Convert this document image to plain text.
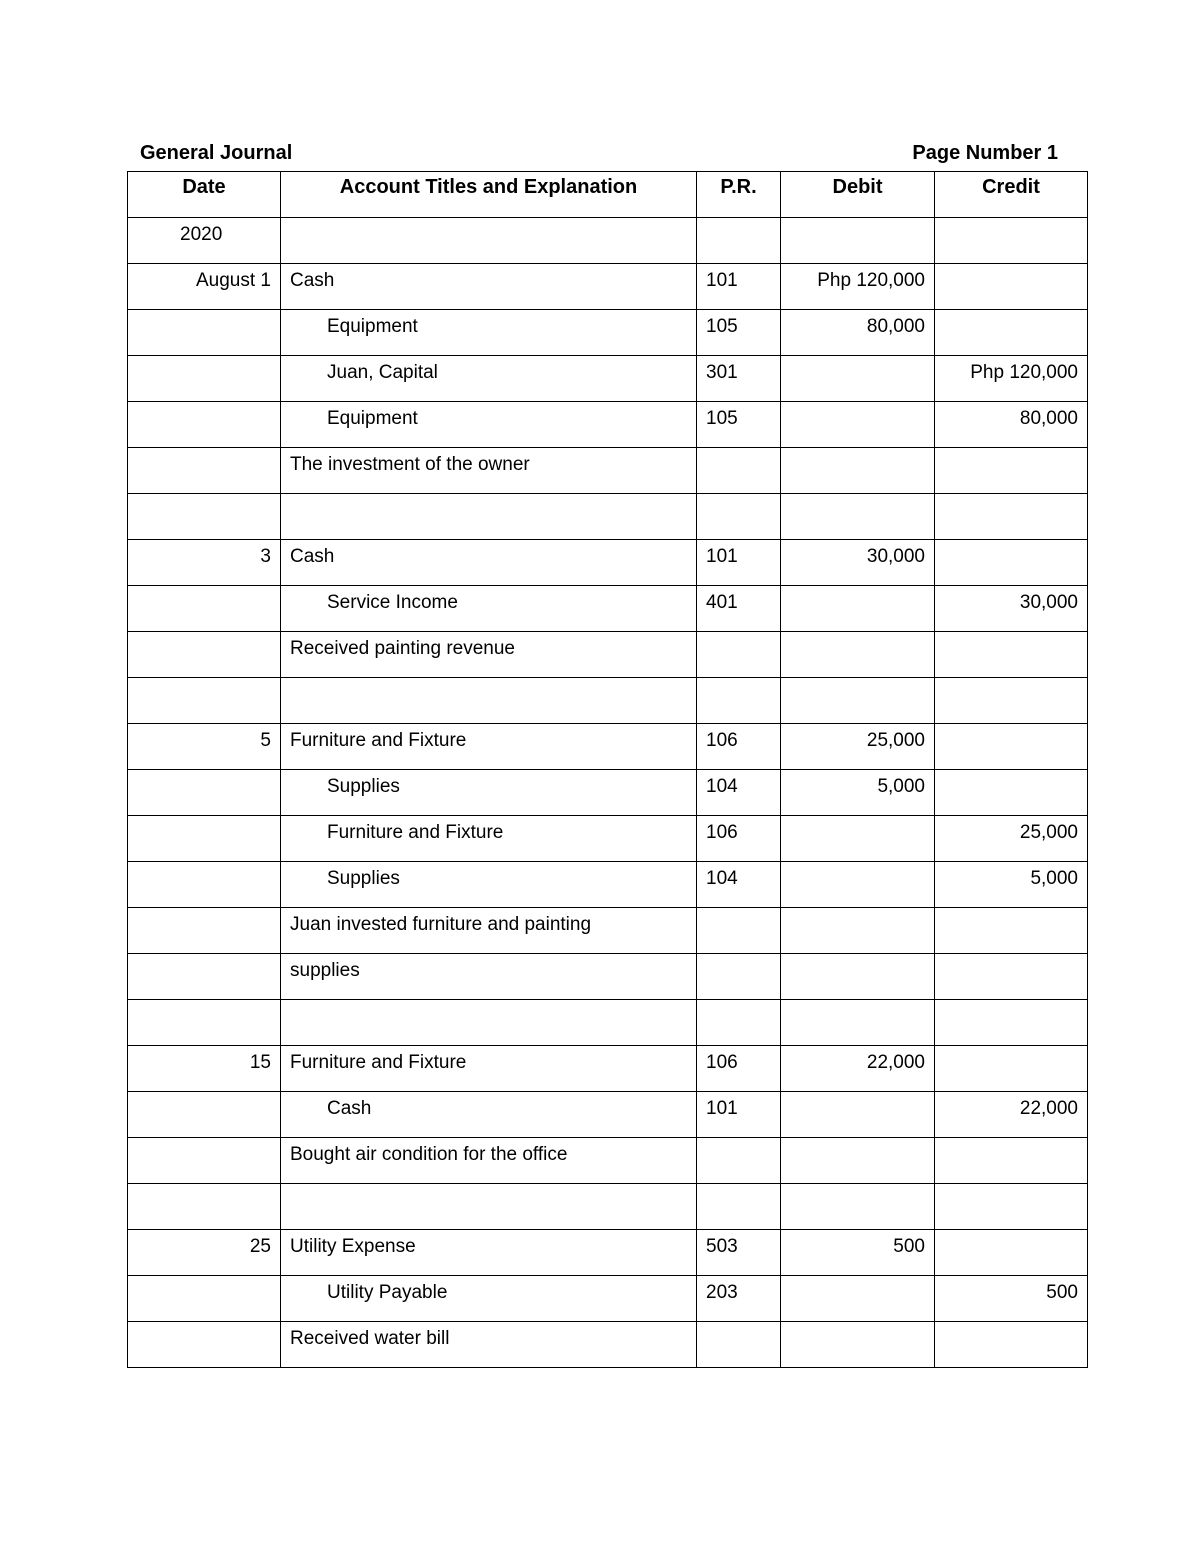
General Journal	Page Number 1
Date	Account Titles and Explanation	P.R.	Debit	Credit
2020				
August 1	Cash	101	Php 120,000	
	Equipment	105	80,000	
	Juan, Capital	301		Php 120,000
	Equipment	105		80,000
	The investment of the owner			

3	Cash	101	30,000	
	Service Income	401		30,000
	Received painting revenue			

5	Furniture and Fixture	106	25,000	
	Supplies	104	5,000	
	Furniture and Fixture	106		25,000
	Supplies	104		5,000
	Juan invested furniture and painting			
	supplies			

15	Furniture and Fixture	106	22,000	
	Cash	101		22,000
	Bought air condition for the office			

25	Utility Expense	503	500	
	Utility Payable	203		500
	Received water bill			
